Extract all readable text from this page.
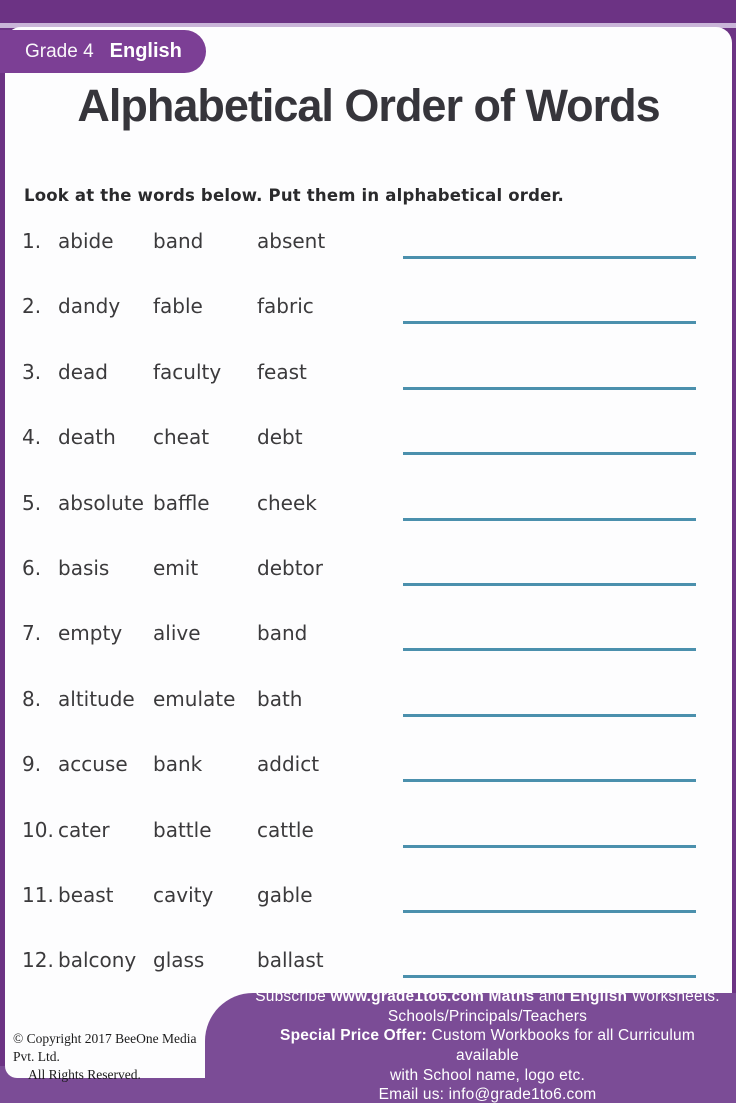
Grade 4 English
Alphabetical Order of Words
Look at the words below. Put them in alphabetical order.
1. abide band	absent
2. dandy fable	fabric
3. dead faculty feast
4. death cheat debt
5. absolute baffle cheek
6. basis emit	debtor
7. empty alive	band
8. altitude emulate bath
9. accuse bank	addict
10. cater battle cattle
11. beast cavity gable
12. balcony glass	ballast
Subscribe www.grade1to6.com Maths and English Worksheets.
Schools/Principals/Teachers
Special Price Offer: Custom Workbooks for all Curriculum available
with School name, logo etc.
Email us: info@grade1to6.com
© Copyright 2017 BeeOne Media Pvt. Ltd.
All Rights Reserved.
